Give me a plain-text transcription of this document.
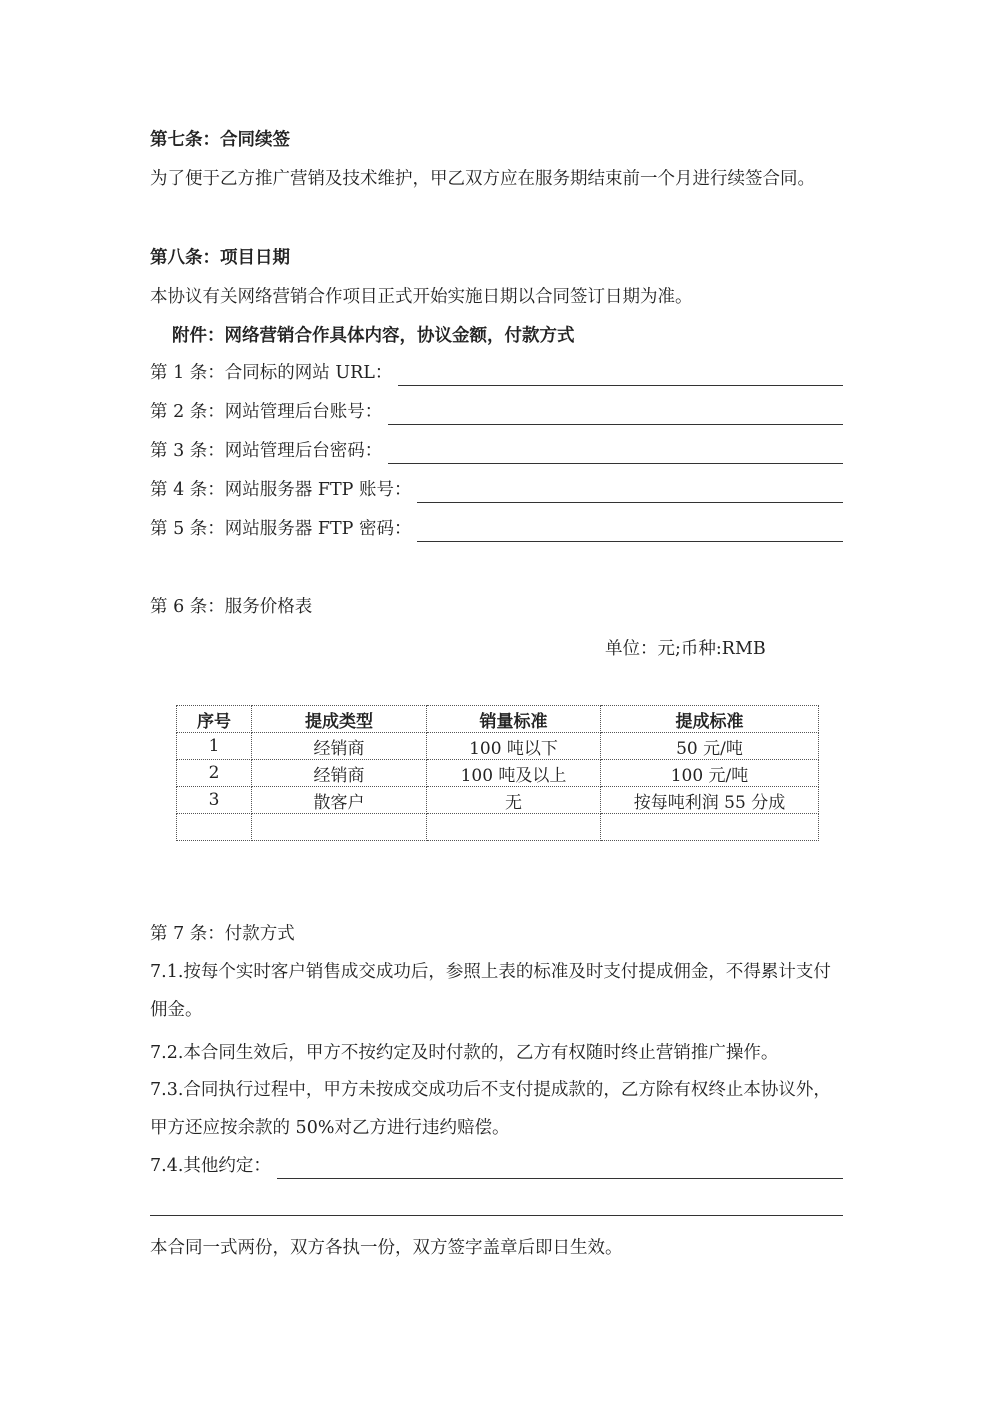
第七条：合同续签
为了便于乙方推广营销及技术维护，甲乙双方应在服务期结束前一个月进行续签合同。
第八条：项目日期
本协议有关网络营销合作项目正式开始实施日期以合同签订日期为准。
附件：网络营销合作具体内容，协议金额，付款方式
第 1 条：合同标的网站 URL：
第 2 条：网站管理后台账号：
第 3 条：网站管理后台密码：
第 4 条：网站服务器 FTP 账号：
第 5 条：网站服务器 FTP 密码：
第 6 条：服务价格表
单位：元;币种:RMB
序号	提成类型	销量标准	提成标准
1	经销商	100 吨以下	50 元/吨
2	经销商	100 吨及以上	100 元/吨
3	散客户	无	按每吨利润 55 分成

第 7 条：付款方式
7.1.按每个实时客户销售成交成功后，参照上表的标准及时支付提成佣金，不得累计支付佣金。
7.2.本合同生效后，甲方不按约定及时付款的，乙方有权随时终止营销推广操作。
7.3.合同执行过程中，甲方未按成交成功后不支付提成款的，乙方除有权终止本协议外，甲方还应按余款的 50%对乙方进行违约赔偿。
7.4.其他约定：
本合同一式两份，双方各执一份，双方签字盖章后即日生效。
